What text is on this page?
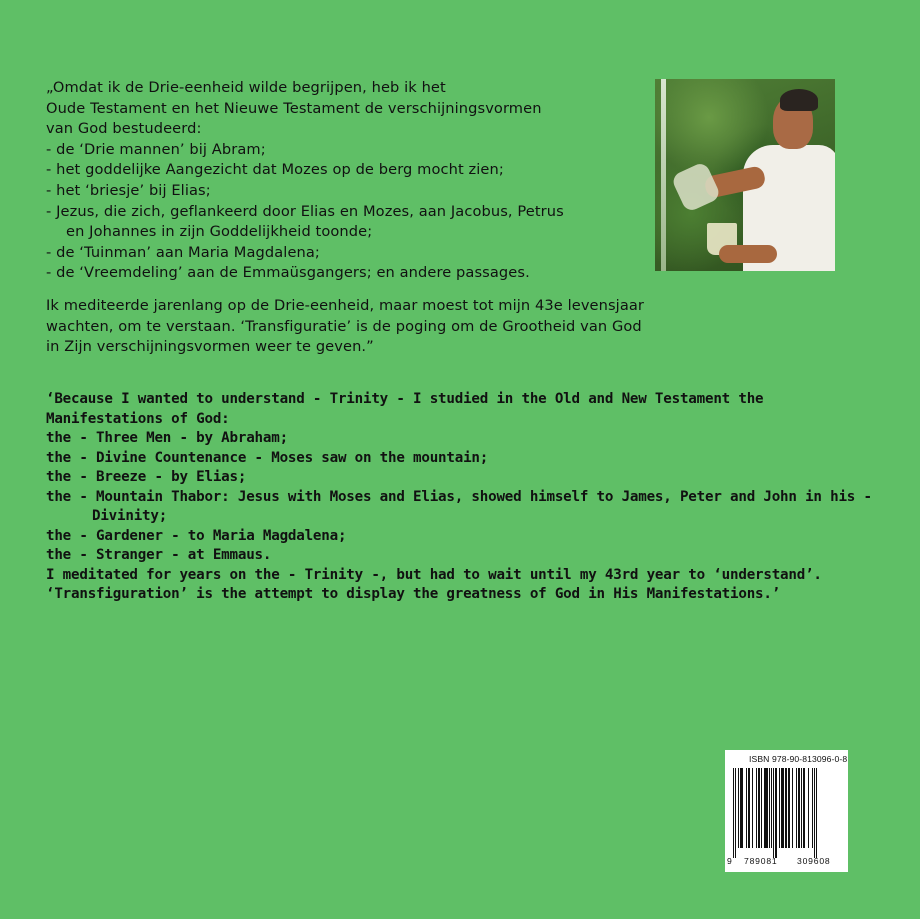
„Omdat ik de Drie-eenheid wilde begrijpen, heb ik het
Oude Testament en het Nieuwe Testament de verschijningsvormen
van God bestudeerd:
- de ‘Drie mannen’ bij Abram;
- het goddelijke Aangezicht dat Mozes op de berg mocht zien;
- het ‘briesje’ bij Elias;
- Jezus, die zich, geflankeerd door Elias en Mozes, aan Jacobus, Petrus
en Johannes in zijn Goddelijkheid toonde;
- de ‘Tuinman’ aan Maria Magdalena;
- de ‘Vreemdeling’ aan de Emmaüsgangers; en andere passages.
Ik mediteerde jarenlang op de Drie-eenheid, maar moest tot mijn 43e levensjaar
wachten, om te verstaan. ‘Transfiguratie’ is de poging om de Grootheid van God
in Zijn verschijningsvormen weer te geven.”
‘Because I wanted to understand - Trinity - I studied in the Old and New Testament the
Manifestations of God:
the - Three Men - by Abraham;
the - Divine Countenance - Moses saw on the mountain;
the - Breeze - by Elias;
the - Mountain Thabor: Jesus with Moses and Elias, showed himself to James, Peter and John in his -
Divinity;
the - Gardener - to Maria Magdalena;
the - Stranger - at Emmaus.
I meditated for years on the - Trinity -, but had to wait until my 43rd year to ‘understand’.
‘Transfiguration’ is the attempt to display the greatness of God in His Manifestations.’
ISBN 978-90-813096-0-8
9 789081 309608
